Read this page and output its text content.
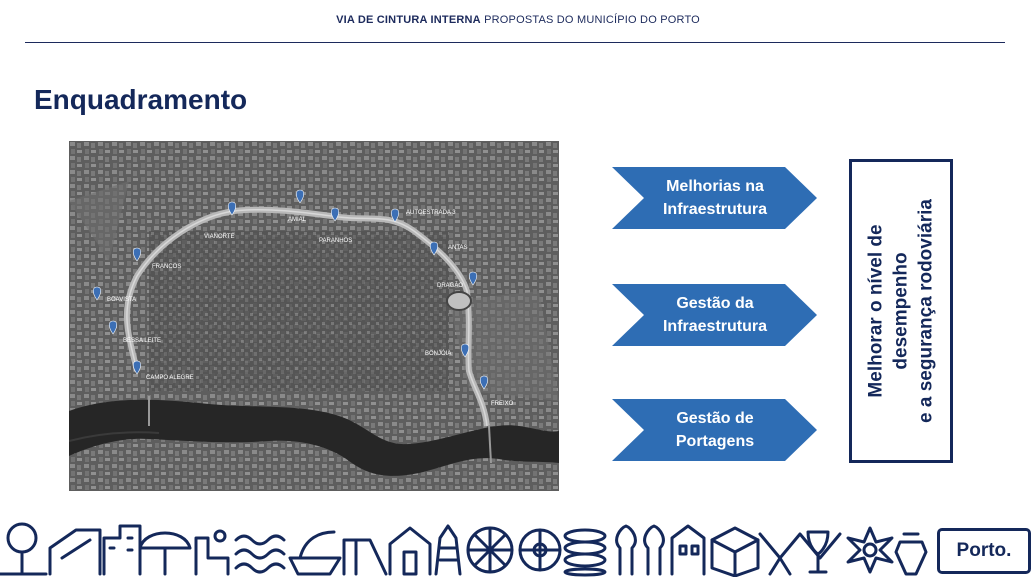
VIA DE CINTURA INTERNA PROPOSTAS DO MUNICÍPIO DO PORTO
Enquadramento
VIANORTE
AMIAL
PARANHOS
AUTOESTRADA 3
ANTAS
DRAGÃO
FRANCOS
BOAVISTA
BESSA LEITE
CAMPO ALEGRE
BONJÓIA
FREIXO
Melhorias na
Infraestrutura
Gestão da
Infraestrutura
Gestão de
Portagens
Melhorar o nível de desempenho e a segurança rodoviária
Porto.
